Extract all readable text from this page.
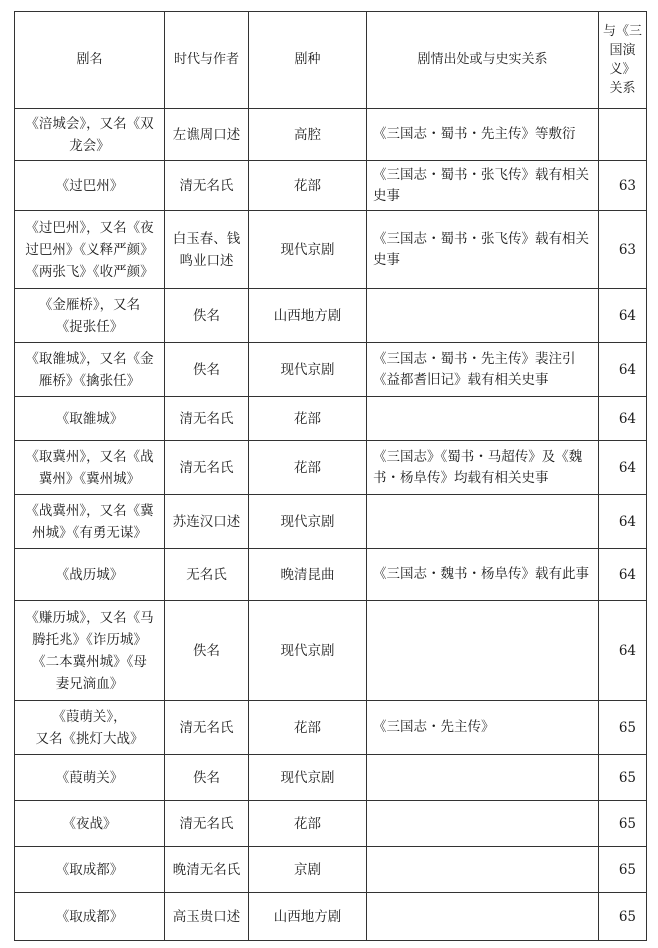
剧名	时代与作者	剧种	剧情出处或与史实关系	与《三
国演
义》
关系

《涪城会》，又名《双
龙会》	左谯周口述	高腔	《三国志・蜀书・先主传》等敷衍	

《过巴州》	清无名氏	花部	《三国志・蜀书・张飞传》载有相关史事	63

《过巴州》，又名《夜
过巴州》《义释严颜》
《两张飞》《收严颜》	白玉春、钱
鸣业口述	现代京剧	《三国志・蜀书・张飞传》载有相关史事	63

《金雁桥》，又名
《捉张任》	佚名	山西地方剧		64

《取雒城》，又名《金
雁桥》《擒张任》	佚名	现代京剧	《三国志・蜀书・先主传》裴注引《益都耆旧记》载有相关史事	64

《取雒城》	清无名氏	花部		64

《取冀州》，又名《战
冀州》《冀州城》	清无名氏	花部	《三国志》《蜀书・马超传》及《魏书・杨阜传》均载有相关史事	64

《战冀州》，又名《冀
州城》《有勇无谋》	苏连汉口述	现代京剧		64

《战历城》	无名氏	晚清昆曲	《三国志・魏书・杨阜传》载有此事	64

《赚历城》，又名《马
腾托兆》《诈历城》
《二本冀州城》《母
妻兄滴血》	佚名	现代京剧		64

《葭萌关》，
又名《挑灯大战》	清无名氏	花部	《三国志・先主传》	65

《葭萌关》	佚名	现代京剧		65

《夜战》	清无名氏	花部		65

《取成都》	晚清无名氏	京剧		65

《取成都》	高玉贵口述	山西地方剧		65
